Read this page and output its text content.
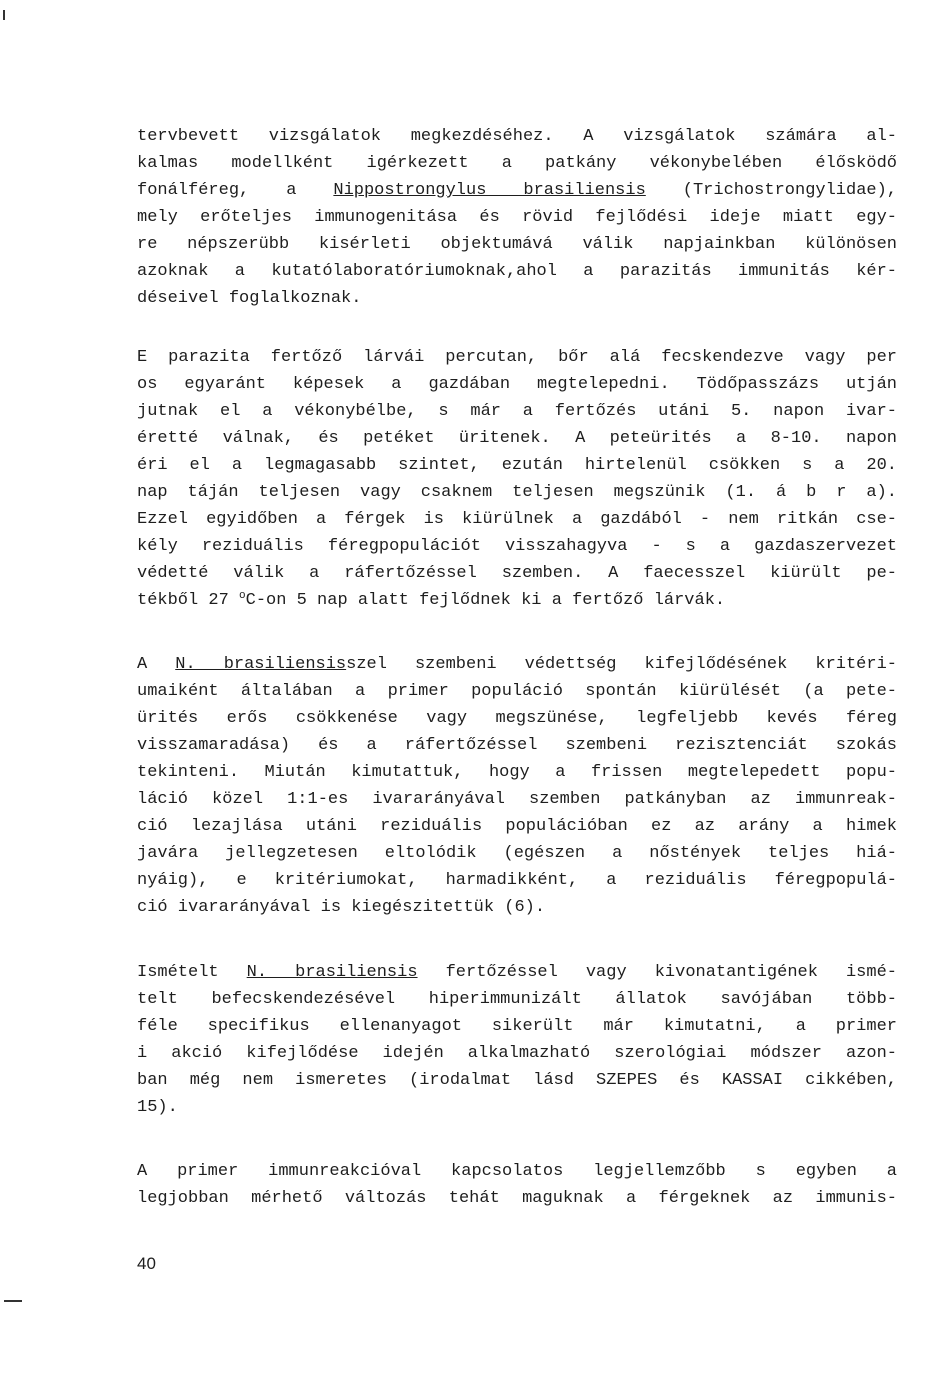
tervbevett vizsgálatok megkezdéséhez. A vizsgálatok számára al-
kalmas modellként igérkezett a patkány vékonybelében élősködő
fonálféreg, a Nippostrongylus brasiliensis (Trichostrongylidae),
mely erőteljes immunogenitása és rövid fejlődési ideje miatt egy-
re népszerübb kisérleti objektumává válik napjainkban különösen
azoknak a kutatólaboratóriumoknak,ahol a parazitás immunitás kér-
déseivel foglalkoznak.
E parazita fertőző lárvái percutan, bőr alá fecskendezve vagy per
os egyaránt képesek a gazdában megtelepedni. Tödőpasszázs utján
jutnak el a vékonybélbe, s már a fertőzés utáni 5. napon ivar-
éretté válnak, és petéket üritenek. A peteürités a 8-10. napon
éri el a legmagasabb szintet, ezután hirtelenül csökken s a 20.
nap táján teljesen vagy csaknem teljesen megszünik (1. á b r a).
Ezzel egyidőben a férgek is kiürülnek a gazdából - nem ritkán cse-
kély reziduális féregpopulációt visszahagyva - s a gazdaszervezet
védetté válik a ráfertőzéssel szemben. A faecesszel kiürült pe-
tékből 27 $^o$C-on 5 nap alatt fejlődnek ki a fertőző lárvák.
A N. brasiliensisszel szembeni védettség kifejlődésének kritéri-
umaiként általában a primer populáció spontán kiürülését (a pete-
ürités erős csökkenése vagy megszünése, legfeljebb kevés féreg
visszamaradása) és a ráfertőzéssel szembeni rezisztenciát szokás
tekinteni. Miután kimutattuk, hogy a frissen megtelepedett popu-
láció közel 1:1-es ivararányával szemben patkányban az immunreak-
ció lezajlása utáni reziduális populációban ez az arány a himek
javára jellegzetesen eltolódik (egészen a nőstények teljes hiá-
nyáig), e kritériumokat, harmadikként, a reziduális féregpopulá-
ció ivararányával is kiegészitettük (6).
Ismételt N. brasiliensis fertőzéssel vagy kivonatantigének ismé-
telt befecskendezésével hiperimmunizált állatok savójában több-
féle specifikus ellenanyagot sikerült már kimutatni, a primer
i akció kifejlődése idején alkalmazható szerológiai módszer azon-
ban még nem ismeretes (irodalmat lásd SZEPES és KASSAI cikkében,
15).
A primer immunreakcióval kapcsolatos legjellemzőbb s egyben a
legjobban mérhető változás tehát maguknak a férgeknek az immunis-
40
